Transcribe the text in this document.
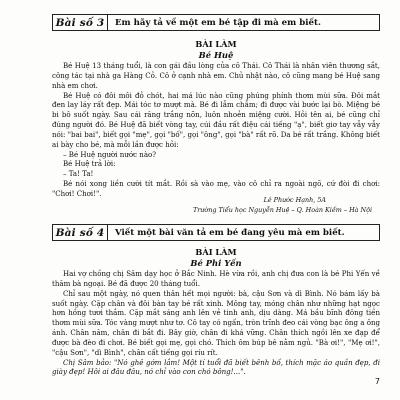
Bài số 3	Em hãy tả về một em bé tập đi mà em biết.
BÀI LÀM
Bé Huệ

Bé Huệ 13 tháng tuổi, là con gái đầu lòng của cô Thái. Cô Thái là nhân viên thương sắt, công tác tại nhà ga Hàng Cỏ. Cô ở cạnh nhà em. Chủ nhật nào, cô cũng mang bé Huệ sang nhà em chơi.

Bé Huệ có đôi môi đỏ chót, hai má lúc nào cũng phúng phính thơm mùi sữa. Đôi mắt đen lay láy rất đẹp. Mái tóc tơ mượt mà. Bé đi lẫm chẫm; đi được vài bước lại bò. Miệng bé bi bô suốt ngày. Sau cái răng trắng nõn, luôn nhoẻn miệng cười. Hỏi tên ai, bé cũng chỉ đúng người đó. Bé Huệ đã biết vòng tay, cúi đầu rất điệu cái tiếng "ạ", biết giơ tay vẫy vẫy nói: "bai bai", biết gọi "mẹ", gọi "bố", gọi "ông", gọi "bà" rất rõ. Da bé rất trắng. Không biết ai bày cho bé, mà mỗi lần được hỏi:

– Bé Huệ người nước nào?

Bé Huệ trả lời:

– Ta! Ta!

Bé nói xong liền cười tít mắt. Rồi sà vào mẹ, vào cô chỉ ra ngoài ngõ, cứ đòi đi chơi: "Chơi! Chơi!".

Lê Phước Hạnh, 5A
Trường Tiểu học Nguyễn Huệ – Q. Hoàn Kiếm – Hà Nội
Bài số 4	Viết một bài văn tả em bé đang yêu mà em biết.
BÀI LÀM
Bé Phi Yến

Hai vợ chồng chị Sâm dạy học ở Bắc Ninh. Hè vừa rồi, anh chị đưa con là bé Phi Yến về thăm bà ngoại. Bé đã được 20 tháng tuổi.

Chỉ sau một ngày, nó quen thân hết mọi người: bà, cậu Sơn và dì Bình. Nó bám lấy bà suốt ngày. Cặp chân và đôi bàn tay bé rất xinh. Mông tay, móng chân như những hạt ngọc hơn hồng tươi thắm. Cặp mắt sáng anh lên vẻ tinh anh, dịu dàng. Má bầu bĩnh đông tiền thơm mùi sữa. Tóc vàng mượt như tơ. Cô tay có ngấn, tròn trĩnh đeo cái vòng bạc ông a ông ánh. Chân năm, chân đi bắt đi. Bây giờ, chân đi khá vững. Chân thích ngồi lên xe đạp để được bà đèo đi chơi. Bé biết gọi mẹ, gọi chó. Thích ôm búp bê nằm ngủ. "Bà ơi!", "Mẹ ơi!", "cậu Sơn", "dì Bình", chân cất tiếng gọi ríu rít.

Chị Sâm bảo: "Nó ghê gớm lắm! Một tí tuổi đã biết bênh bố, thích mặc áo quần đẹp, đi giày đẹp! Hôi ai đâu đâu, nó chỉ vào con chó bông!...".

7
